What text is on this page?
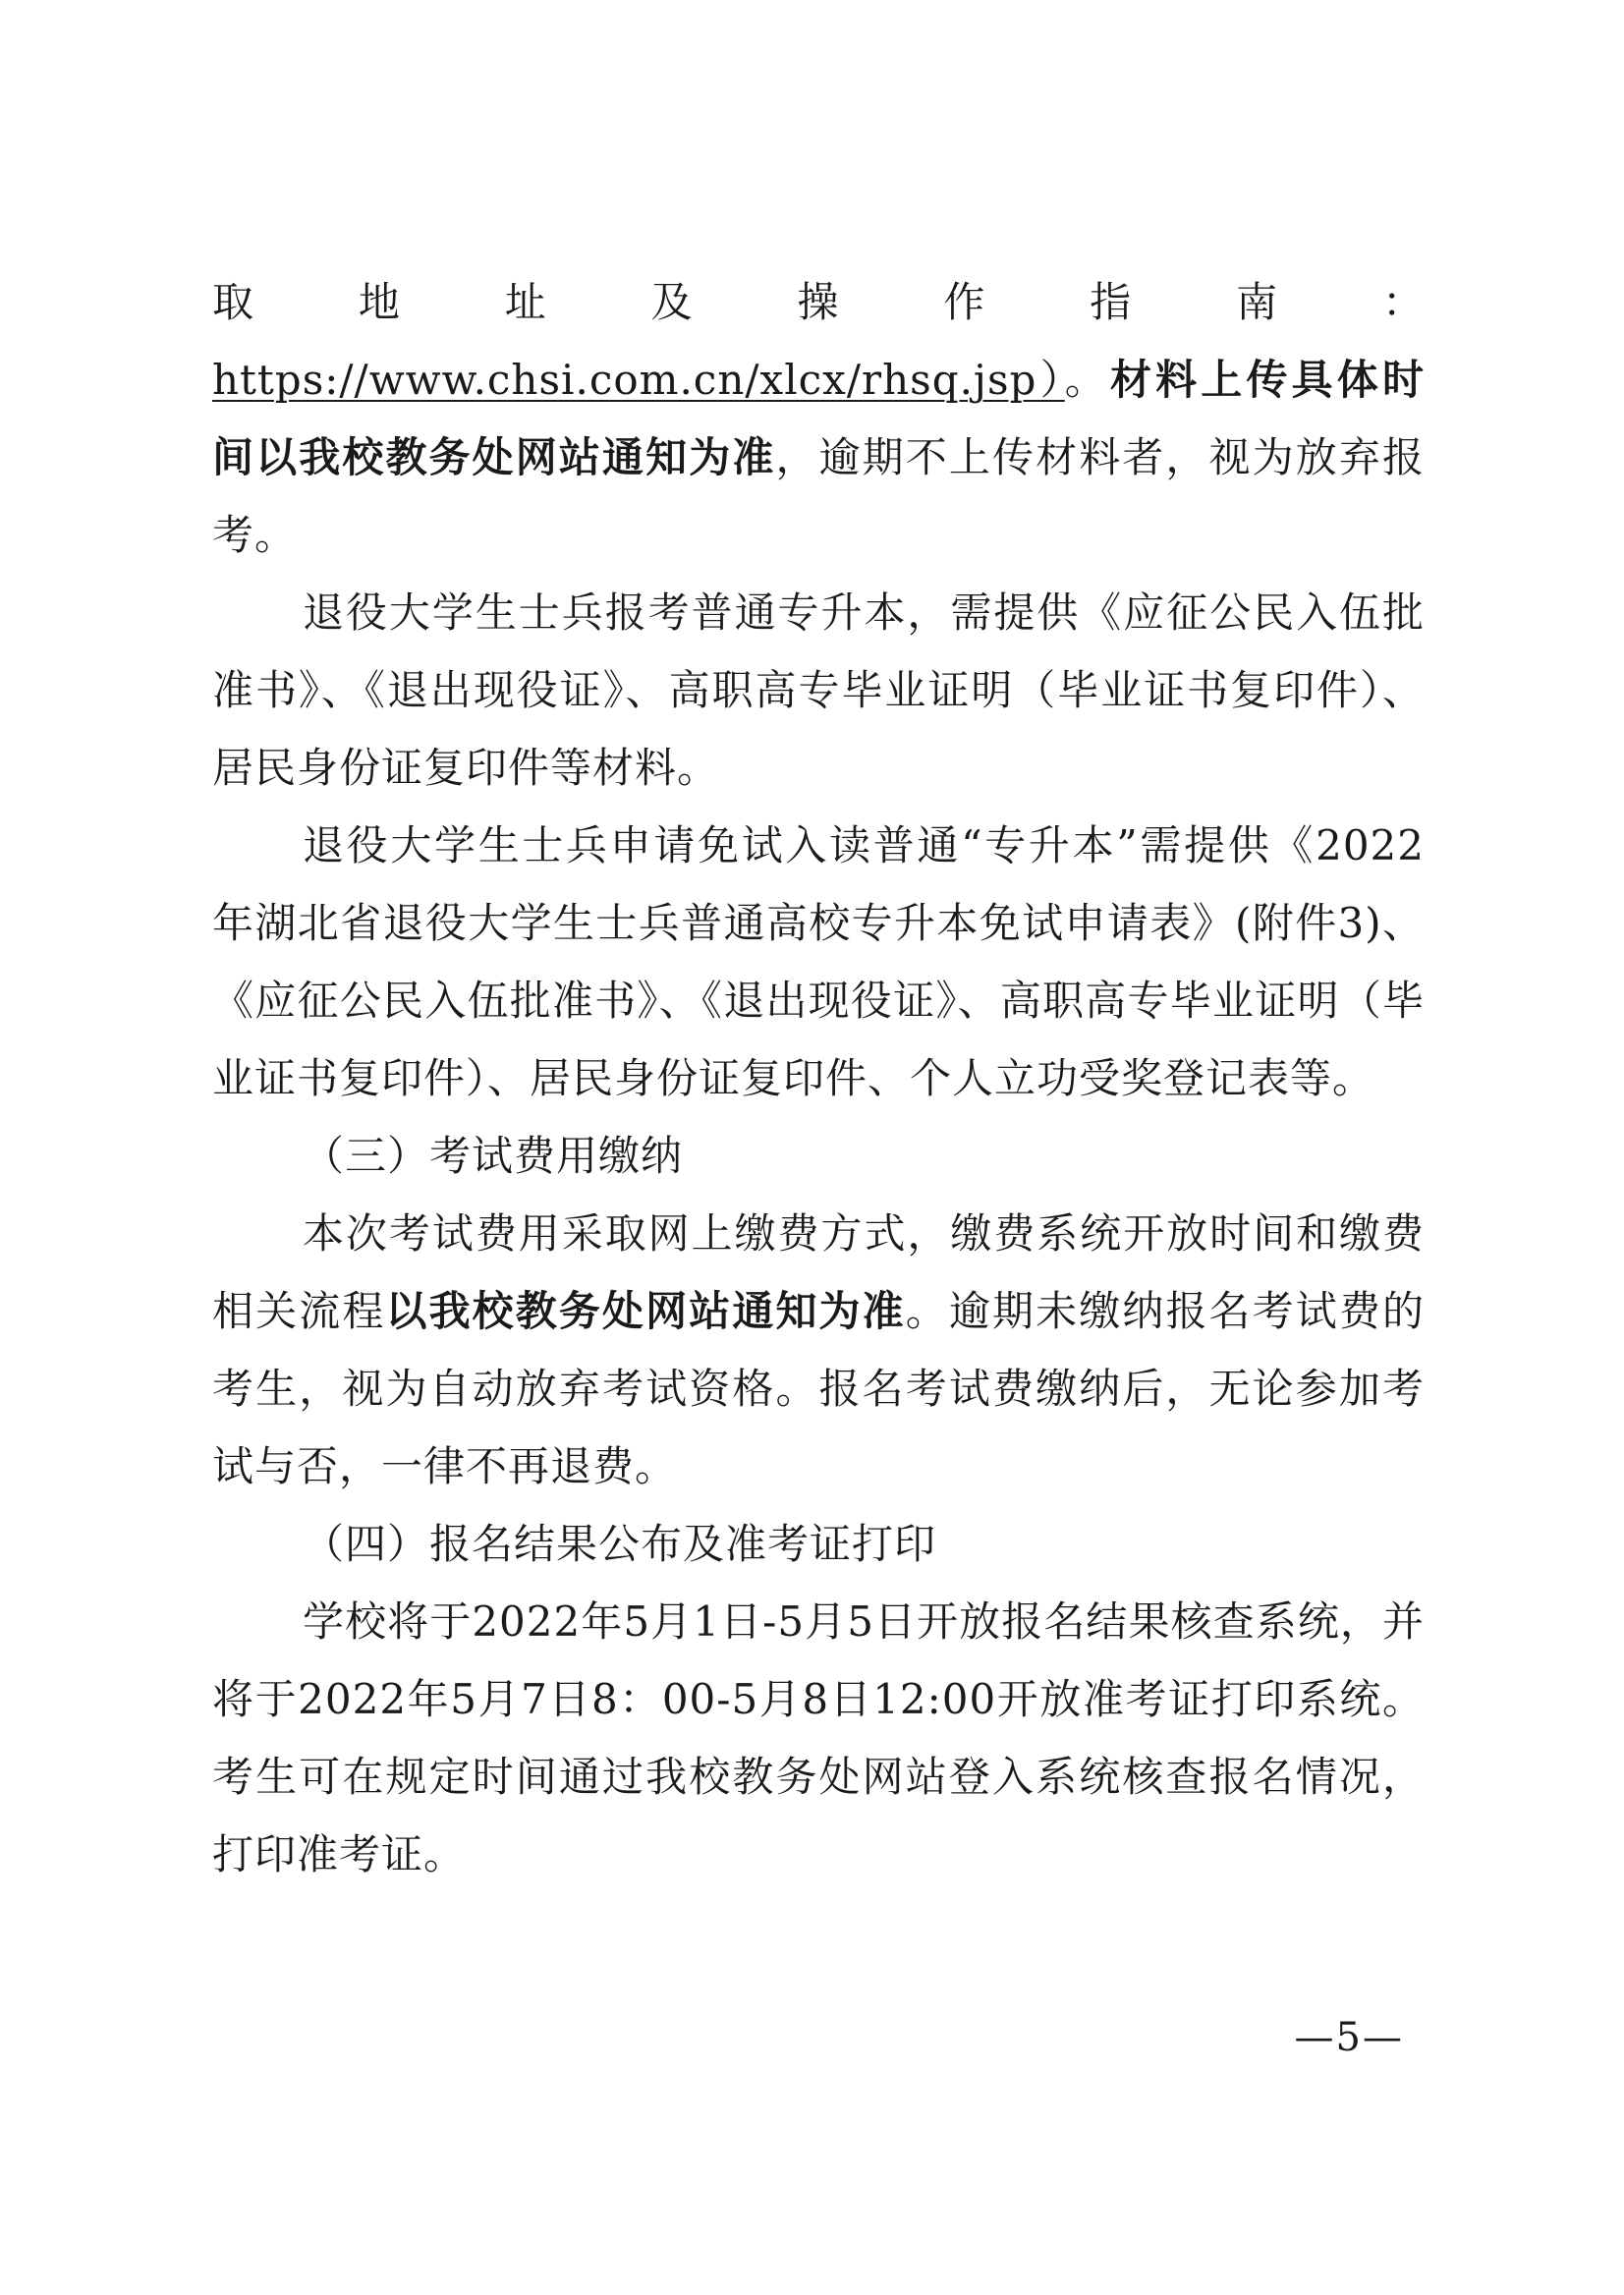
取地址及操作指南：https://www.chsi.com.cn/xlcx/rhsq.jsp）。材料上传具体时间以我校教务处网站通知为准，逾期不上传材料者，视为放弃报考。

退役大学生士兵报考普通专升本，需提供《应征公民入伍批准书》、《退出现役证》、高职高专毕业证明（毕业证书复印件）、居民身份证复印件等材料。

退役大学生士兵申请免试入读普通“专升本”需提供《2022年湖北省退役大学生士兵普通高校专升本免试申请表》(附件3)、《应征公民入伍批准书》、《退出现役证》、高职高专毕业证明（毕业证书复印件）、居民身份证复印件、个人立功受奖登记表等。

（三）考试费用缴纳

本次考试费用采取网上缴费方式，缴费系统开放时间和缴费相关流程以我校教务处网站通知为准。逾期未缴纳报名考试费的考生，视为自动放弃考试资格。报名考试费缴纳后，无论参加考试与否，一律不再退费。

（四）报名结果公布及准考证打印

学校将于2022年5月1日-5月5日开放报名结果核查系统，并将于2022年5月7日8：00-5月8日12:00开放准考证打印系统。考生可在规定时间通过我校教务处网站登入系统核查报名情况，打印准考证。

—5—
